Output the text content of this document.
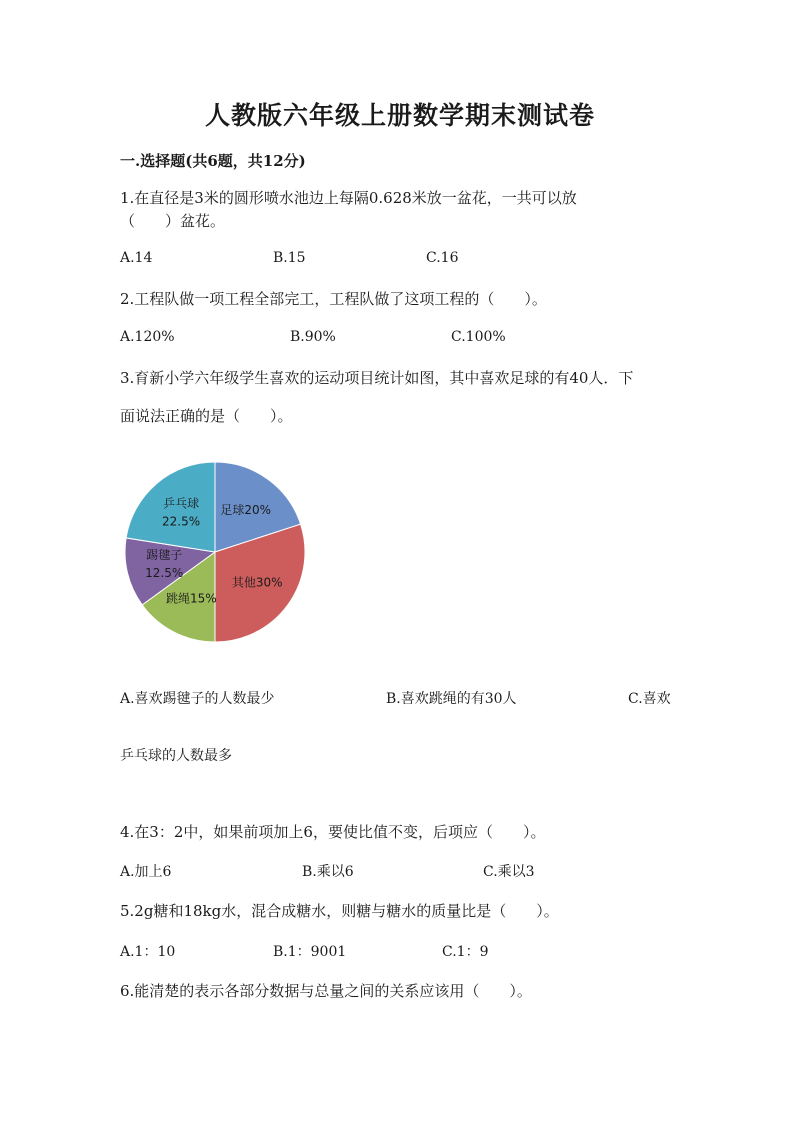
人教版六年级上册数学期末测试卷
一.选择题(共6题，共12分)
1.在直径是3米的圆形喷水池边上每隔0.628米放一盆花，一共可以放
（　　）盆花。
A.14	B.15	C.16
2.工程队做一项工程全部完工，工程队做了这项工程的（　　）。
A.120%	B.90%	C.100%
3.育新小学六年级学生喜欢的运动项目统计如图，其中喜欢足球的有40人．下
面说法正确的是（　　）。
足球20%
其他30%
跳绳15%
踢毽子 12.5%
乒乓球 22.5%
A.喜欢踢毽子的人数最少	B.喜欢跳绳的有30人	C.喜欢
乒乓球的人数最多
4.在3：2中，如果前项加上6，要使比值不变，后项应（　　）。
A.加上6	B.乘以6	C.乘以3
5.2g糖和18kg水，混合成糖水，则糖与糖水的质量比是（　　）。
A.1：10	B.1：9001	C.1：9
6.能清楚的表示各部分数据与总量之间的关系应该用（　　）。
